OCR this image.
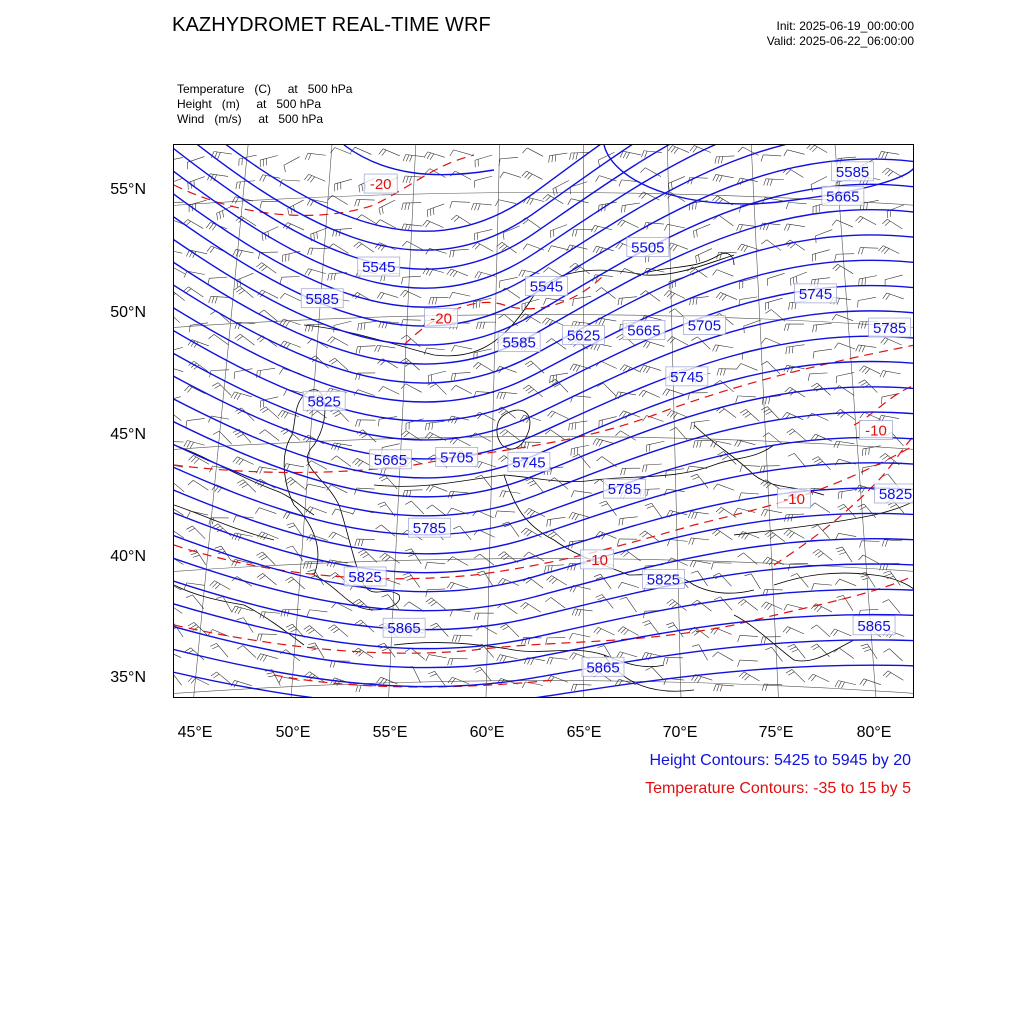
KAZHYDROMET REAL-TIME WRF	Init: 2025-06-19_00:00:00
Valid: 2025-06-22_06:00:00
Temperature (C) at   500 hPa
Height (m) at   500 hPa
Wind (m/s) at   500 hPa
5585
5665
5505
5545
5545
5585	5745
5585 5625 5665 5705	5785
5745
5825
5665 5705	5745
5785	5825
5785
5825	5825
5865	5865
5865
-20
-20
-10
-10
-10
55°N
50°N
45°N
40°N
35°N
45°E	50°E	55°E	60°E	65°E	70°E	75°E	80°E
Height Contours: 5425 to 5945 by 20
Temperature Contours: -35 to 15 by 5
